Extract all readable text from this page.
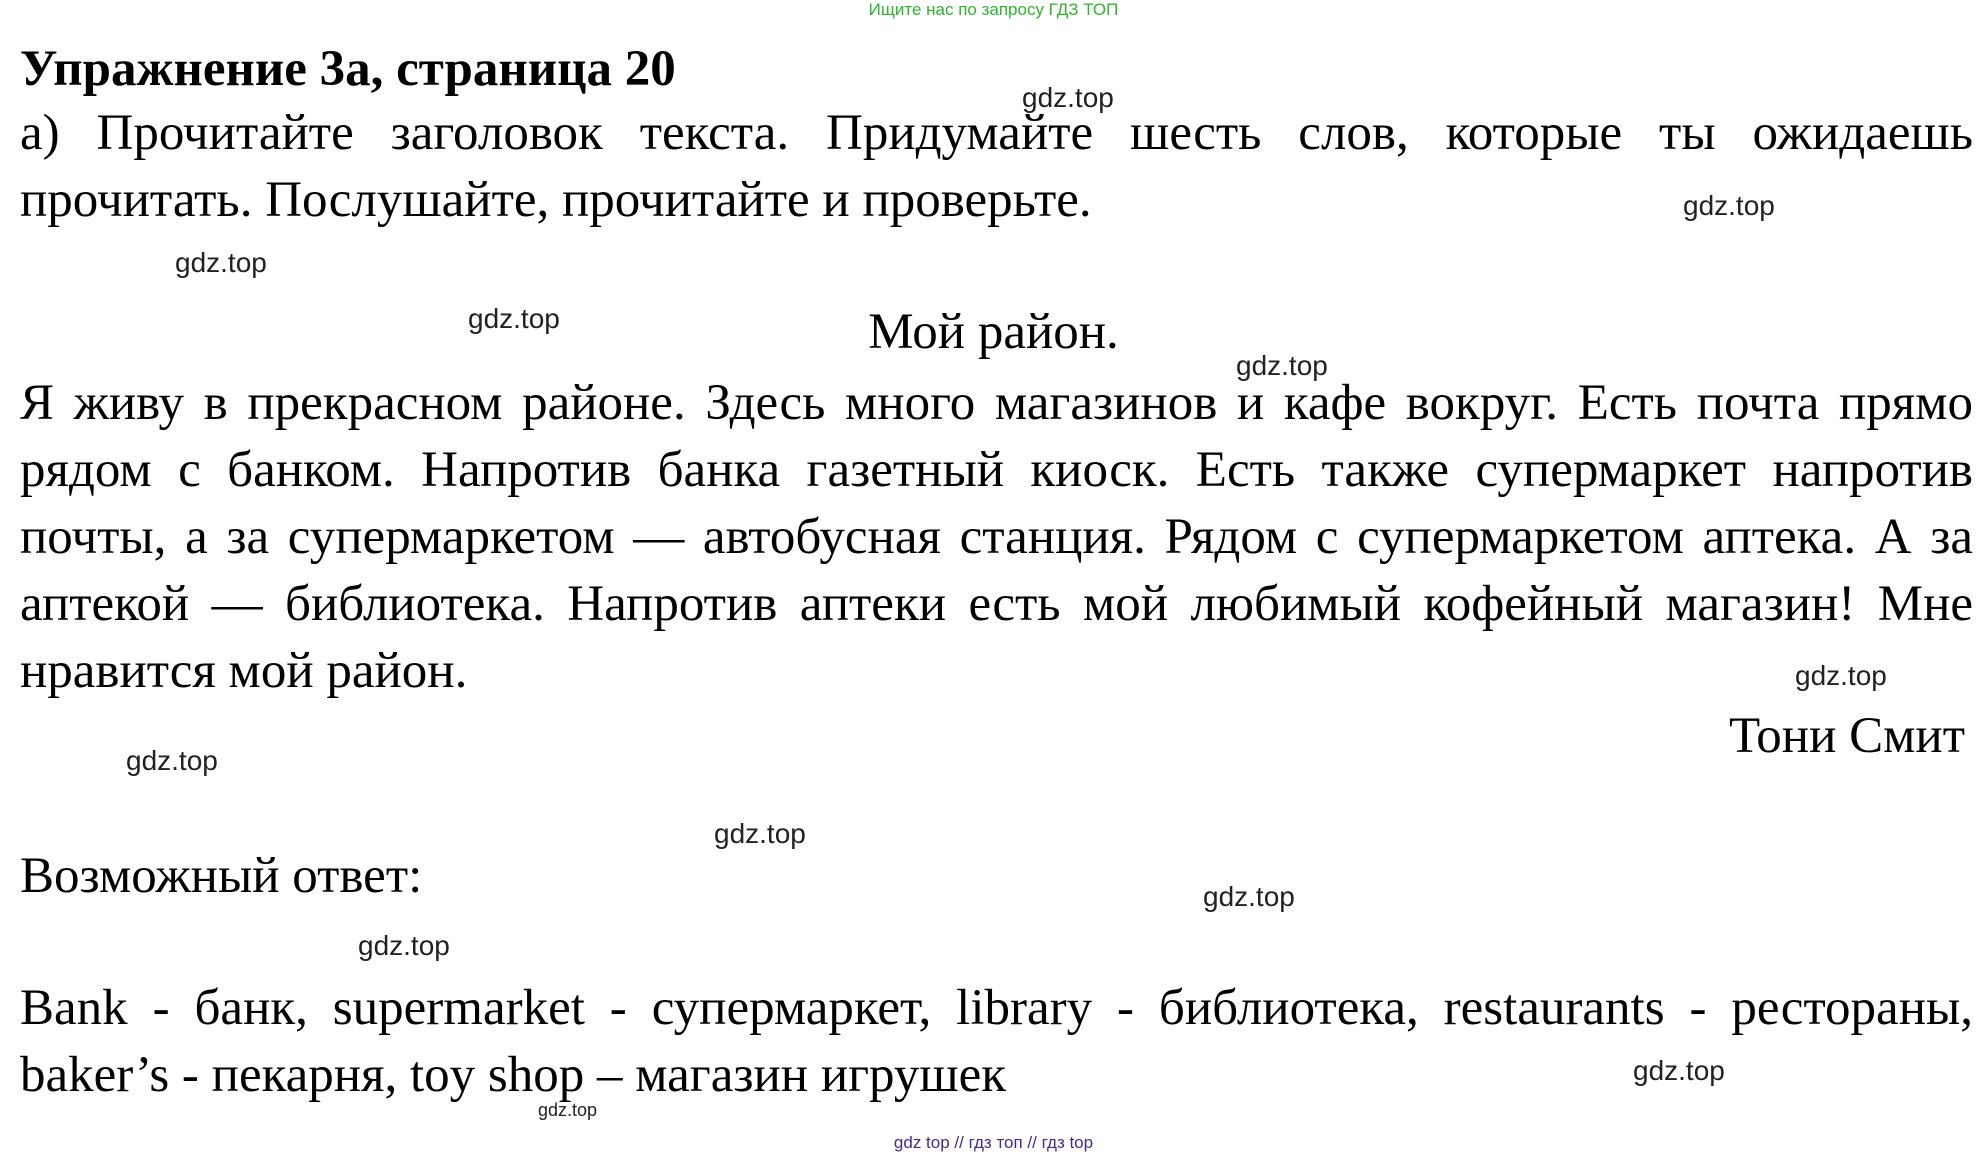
Ищите нас по запросу ГДЗ ТОП
Упражнение 3а, страница 20
а) Прочитайте заголовок текста. Придумайте шесть слов, которые ты ожидаешь прочитать. Послушайте, прочитайте и проверьте.
Мой район.
Я живу в прекрасном районе. Здесь много магазинов и кафе вокруг. Есть почта прямо рядом с банком. Напротив банка газетный киоск. Есть также супермаркет напротив почты, а за супермаркетом — автобусная станция. Рядом с супермаркетом аптека. А за аптекой — библиотека. Напротив аптеки есть мой любимый кофейный магазин! Мне нравится мой район.
Тони Смит
Возможный ответ:
Bank - банк, supermarket - супермаркет, library - библиотека, restaurants - рестораны, baker’s - пекарня, toy shop – магазин игрушек
gdz.top
gdz.top
gdz.top
gdz.top
gdz.top
gdz.top
gdz.top
gdz.top
gdz.top
gdz.top
gdz.top
gdz.top
gdz top // гдз топ // гдз top
